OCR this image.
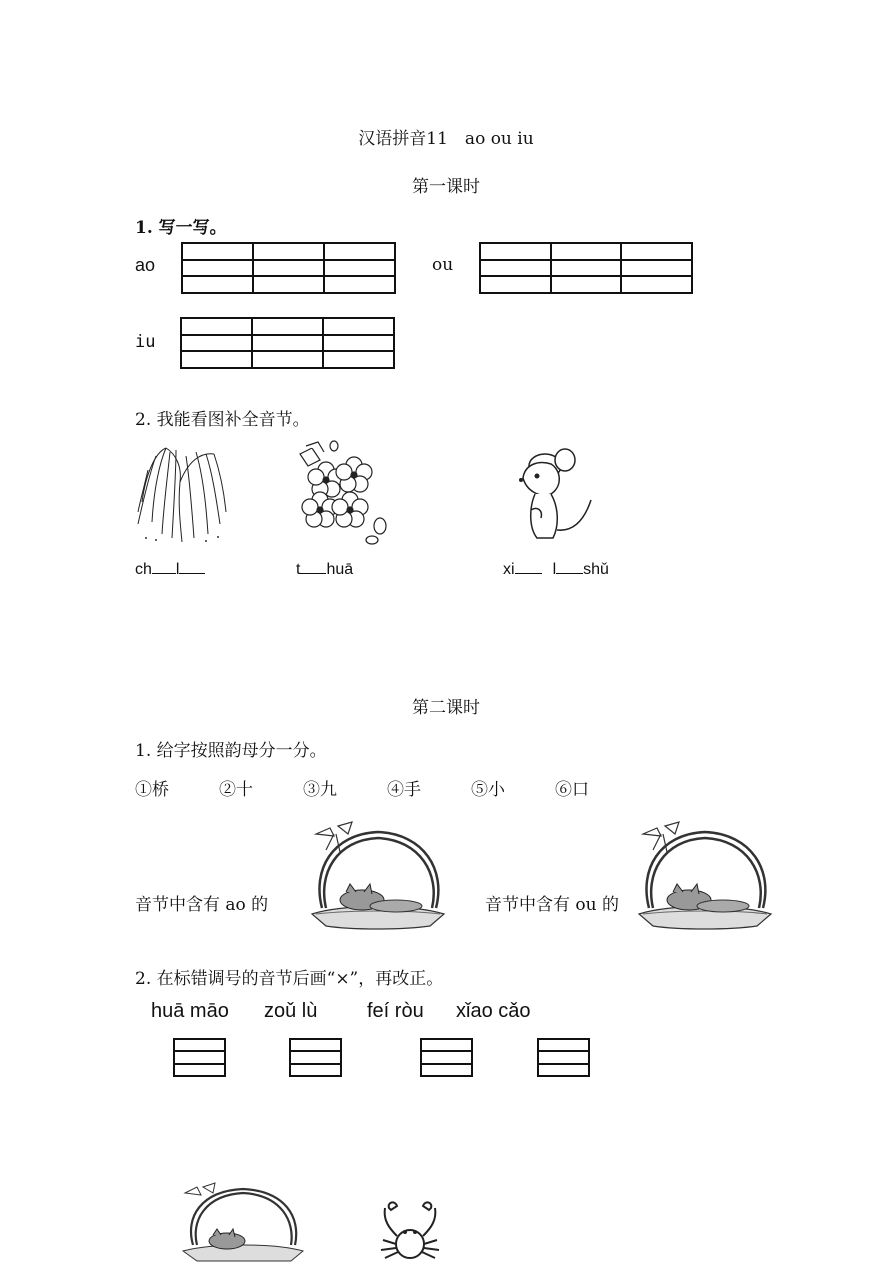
汉语拼音11　ao ou iu
第一课时
1. 写一写。
ao

			ou

iu

2. 我能看图补全音节。
ch l	t huā	xi l shǔ
第二课时
1. 给字按照韵母分一分。
①桥	②十	③九	④手	⑤小	⑥口
音节中含有 ao 的	音节中含有 ou 的
2. 在标错调号的音节后画“×”，再改正。
huā māo zoǔ lù feí ròu xǐao cǎo
